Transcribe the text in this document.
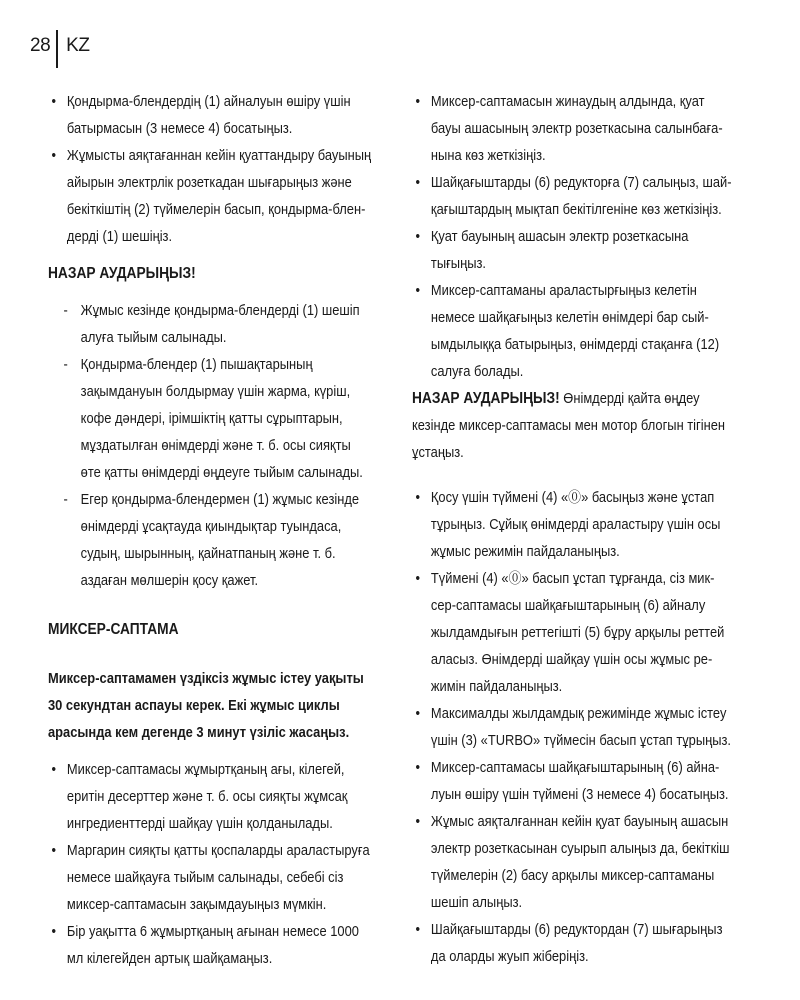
28 KZ
• Қондырма-блендердің (1) айналуын өшіру үшін
батырмасын (3 немесе 4) босатыңыз.
• Жұмысты аяқтағаннан кейін қуаттандыру бауының
айырын электрлік розеткадан шығарыңыз және
бекіткіштің (2) түймелерін басып, қондырма-блен-
дерді (1) шешіңіз.
НАЗАР АУДАРЫҢЫЗ!
- Жұмыс кезінде қондырма-блендерді (1) шешіп
алуға тыйым салынады.
- Қондырма-блендер (1) пышақтарының
зақымдануын болдырмау үшін жарма, күріш,
кофе дәндері, ірімшіктің қатты сұрыптарын,
мұздатылған өнімдерді және т. б. осы сияқты
өте қатты өнімдерді өңдеуге тыйым салынады.
- Егер қондырма-блендермен (1) жұмыс кезінде
өнімдерді ұсақтауда қиындықтар туындаса,
судың, шырынның, қайнатпаның және т. б.
аздаған мөлшерін қосу қажет.
МИКСЕР-САПТАМА
Миксер-саптамамен үздіксіз жұмыс істеу уақыты
30 секундтан аспауы керек. Екі жұмыс циклы
арасында кем дегенде 3 минут үзіліс жасаңыз.
• Миксер-саптамасы жұмыртқаның ағы, кілегей,
еритін десерттер және т. б. осы сияқты жұмсақ
ингредиенттерді шайқау үшін қолданылады.
• Маргарин сияқты қатты қоспаларды араластыруға
немесе шайқауға тыйым салынады, себебі сіз
миксер-саптамасын зақымдауыңыз мүмкін.
• Бір уақытта 6 жұмыртқаның ағынан немесе 1000
мл кілегейден артық шайқамаңыз.
• Миксер-саптамасын жинаудың алдында, қуат
бауы ашасының электр розеткасына салынбаға-
нына көз жеткізіңіз.
• Шайқағыштарды (6) редукторға (7) салыңыз, шай-
қағыштардың мықтап бекітілгеніне көз жеткізіңіз.
• Қуат бауының ашасын электр розеткасына
тығыңыз.
• Миксер-саптаманы араластырғыңыз келетін
немесе шайқағыңыз келетін өнімдері бар сый-
ымдылыққа батырыңыз, өнімдерді стақанға (12)
салуға болады.
НАЗАР АУДАРЫҢЫЗ! Өнімдерді қайта өңдеу
кезінде миксер-саптамасы мен мотор блогын тігінен
ұстаңыз.
• Қосу үшін түймені (4) «⓪» басыңыз және ұстап
тұрыңыз. Сұйық өнімдерді араластыру үшін осы
жұмыс режимін пайдаланыңыз.
• Түймені (4) «⓪» басып ұстап тұрғанда, сіз мик-
сер-саптамасы шайқағыштарының (6) айналу
жылдамдығын реттегішті (5) бұру арқылы реттей
аласыз. Өнімдерді шайқау үшін осы жұмыс ре-
жимін пайдаланыңыз.
• Максималды жылдамдық режимінде жұмыс істеу
үшін (3) «TURBO» түймесін басып ұстап тұрыңыз.
• Миксер-саптамасы шайқағыштарының (6) айна-
луын өшіру үшін түймені (3 немесе 4) босатыңыз.
• Жұмыс аяқталғаннан кейін қуат бауының ашасын
электр розеткасынан суырып алыңыз да, бекіткіш
түймелерін (2) басу арқылы миксер-саптаманы
шешіп алыңыз.
• Шайқағыштарды (6) редуктордан (7) шығарыңыз
да оларды жуып жіберіңіз.
